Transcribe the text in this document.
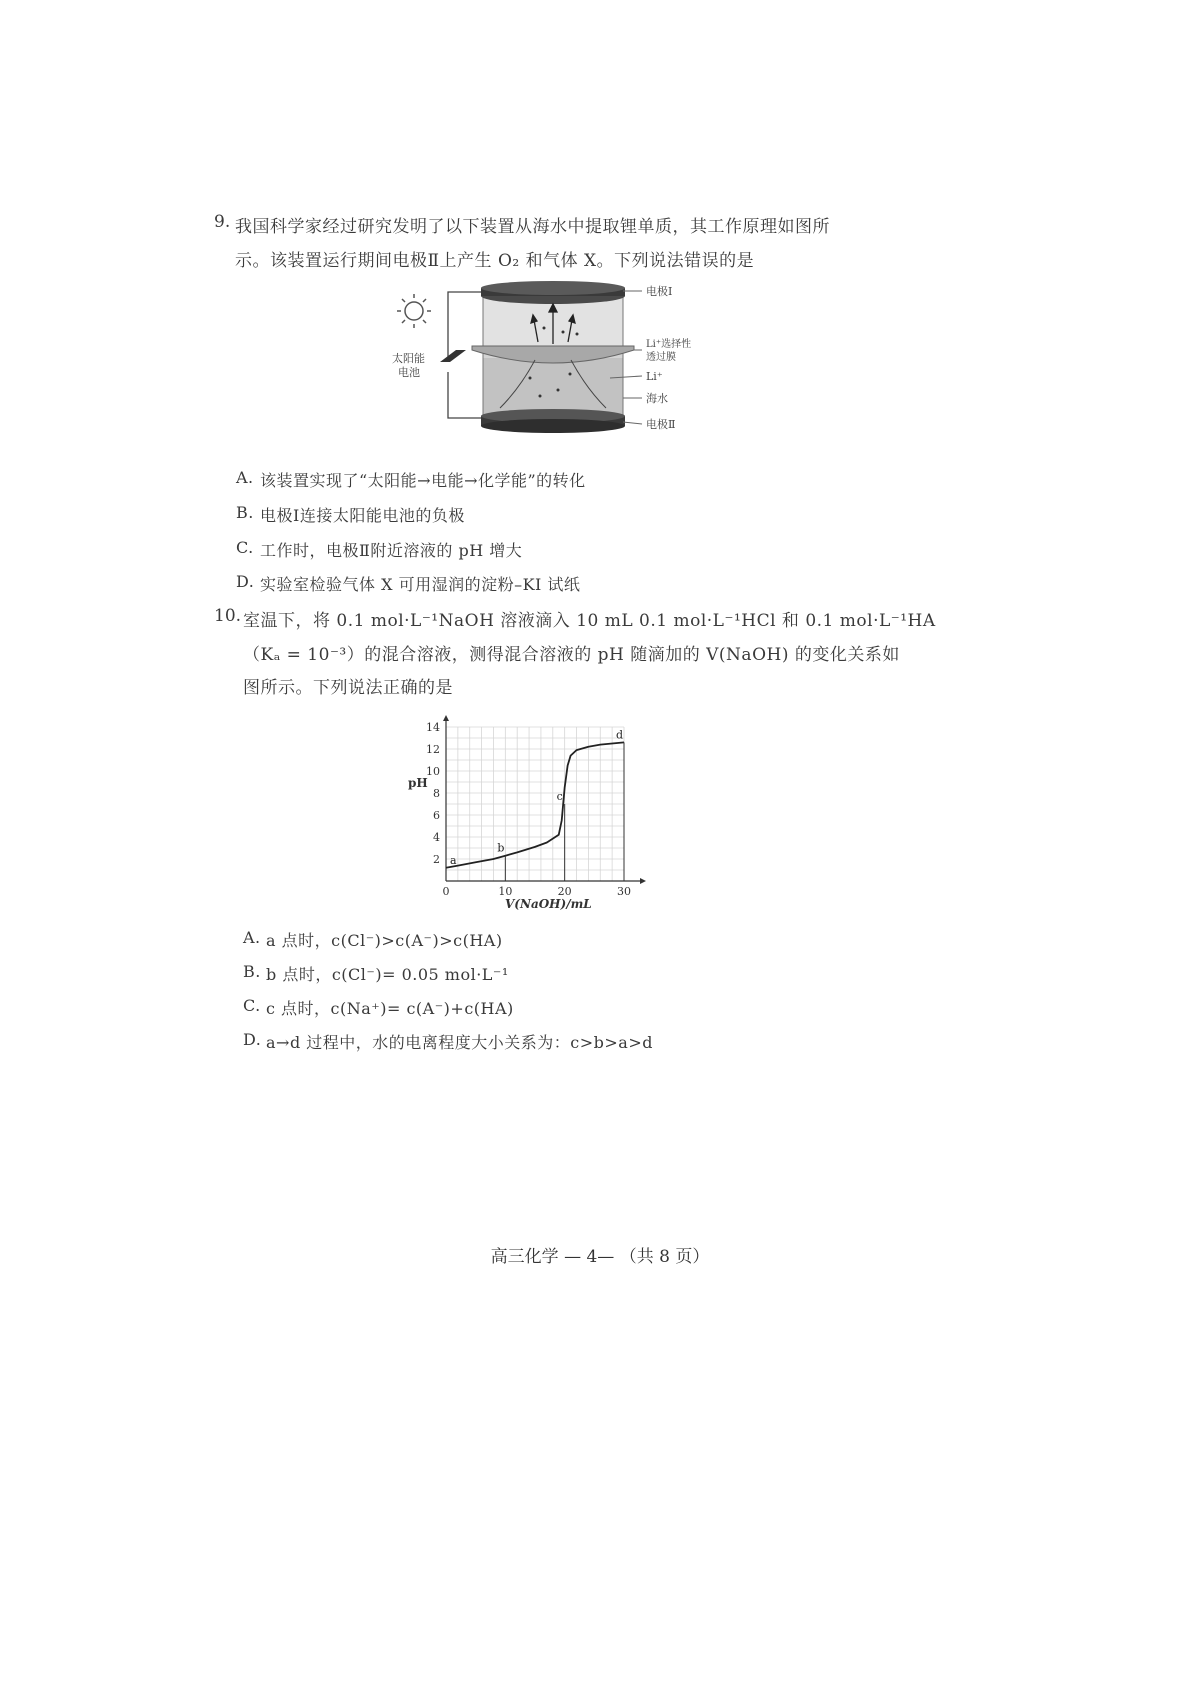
9. 我国科学家经过研究发明了以下装置从海水中提取锂单质，其工作原理如图所
示。该装置运行期间电极Ⅱ上产生 O₂ 和气体 X。下列说法错误的是
电极Ⅰ
Li⁺选择性
透过膜
Li⁺
海水
电极Ⅱ
太阳能
电池
A. 该装置实现了“太阳能→电能→化学能”的转化
B. 电极Ⅰ连接太阳能电池的负极
C. 工作时，电极Ⅱ附近溶液的 pH 增大
D. 实验室检验气体 X 可用湿润的淀粉–KI 试纸
10. 室温下，将 0.1 mol·L⁻¹NaOH 溶液滴入 10 mL 0.1 mol·L⁻¹HCl 和 0.1 mol·L⁻¹HA
（Kₐ = 10⁻³）的混合溶液，测得混合溶液的 pH 随滴加的 V(NaOH) 的变化关系如
图所示。下列说法正确的是
2
4
6
8
10
12
14
0	10	20	30
a
b
c
d
pH
V(NaOH)/mL
A. a 点时，c(Cl⁻)>c(A⁻)>c(HA)
B. b 点时，c(Cl⁻)= 0.05 mol·L⁻¹
C. c 点时，c(Na⁺)= c(A⁻)+c(HA)
D. a→d 过程中，水的电离程度大小关系为：c>b>a>d
高三化学 — 4— （共 8 页）
